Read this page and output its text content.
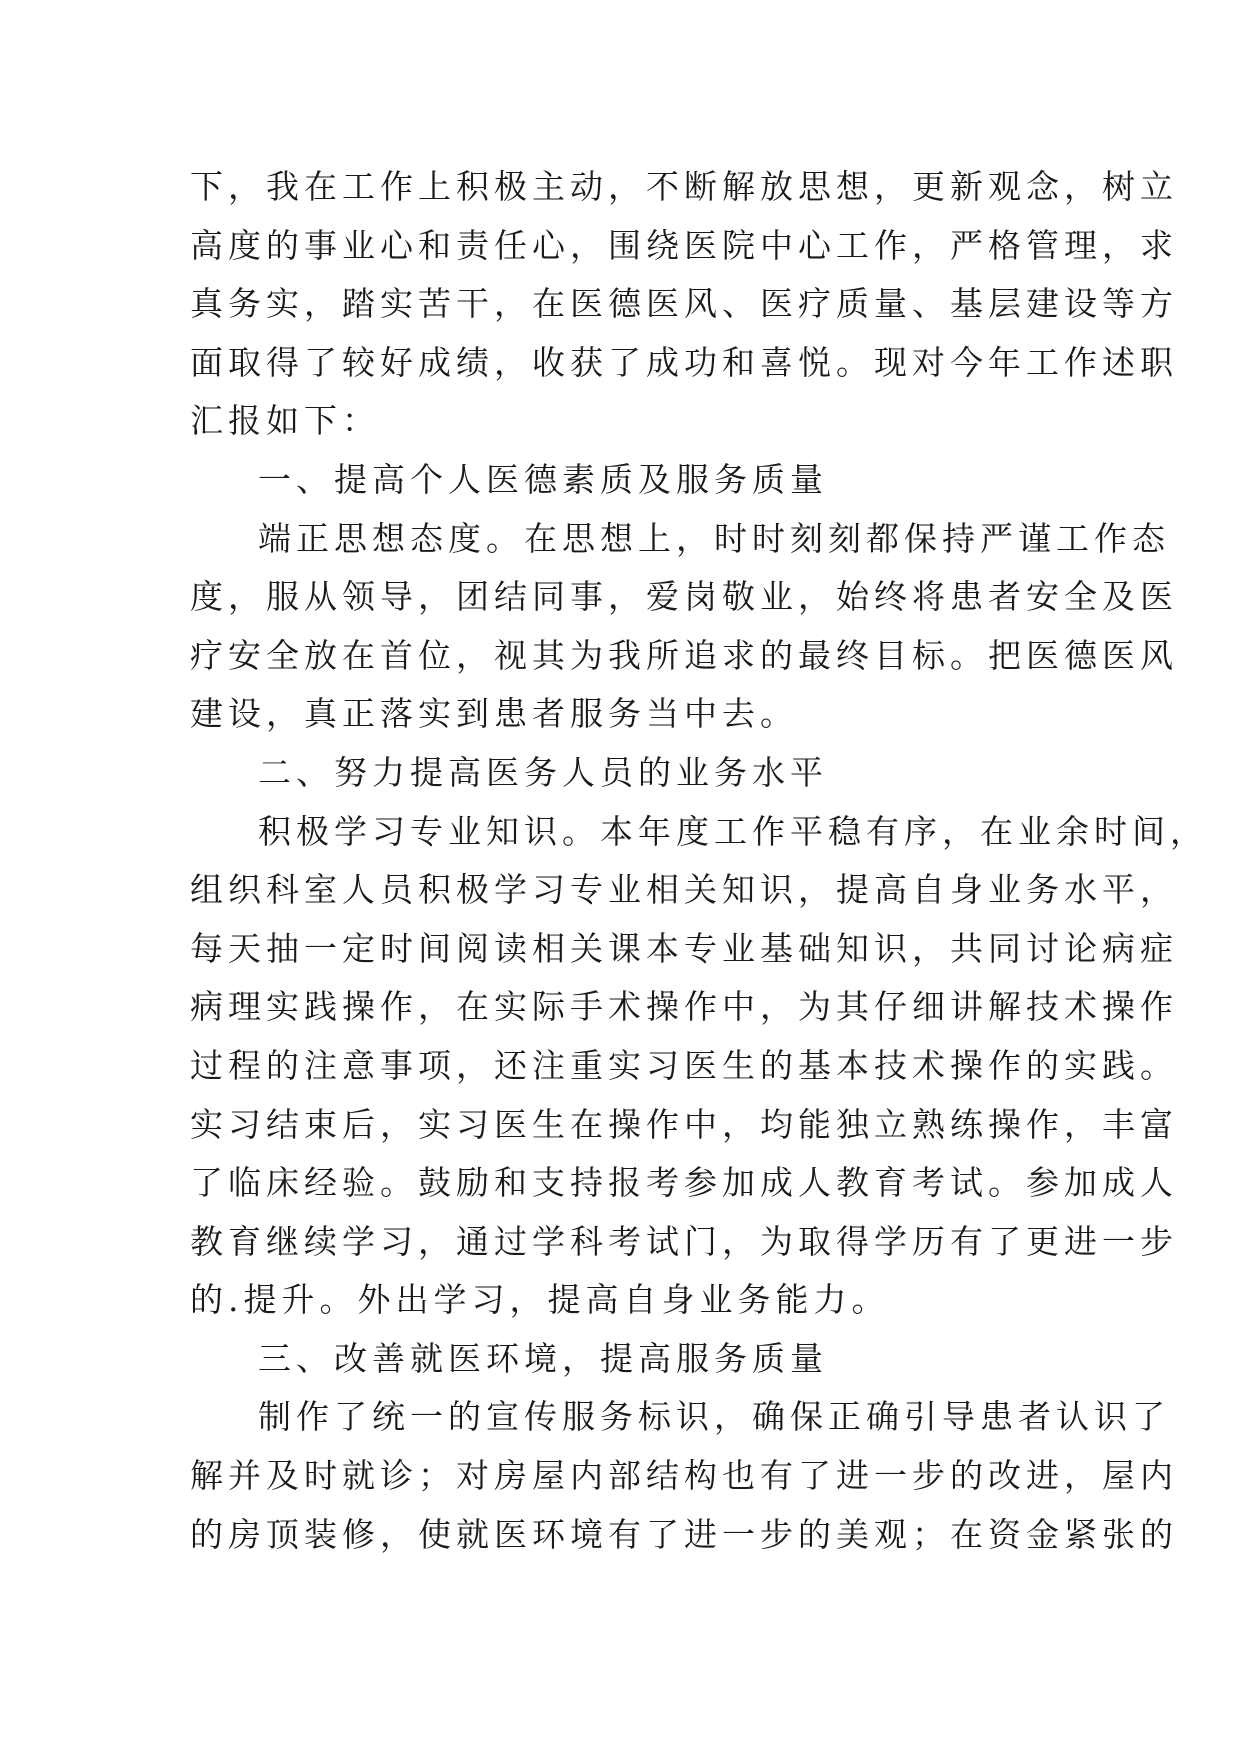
下，我在工作上积极主动，不断解放思想，更新观念，树立
高度的事业心和责任心，围绕医院中心工作，严格管理，求
真务实，踏实苦干，在医德医风、医疗质量、基层建设等方
面取得了较好成绩，收获了成功和喜悦。现对今年工作述职
汇报如下：
一、提高个人医德素质及服务质量
端正思想态度。在思想上，时时刻刻都保持严谨工作态
度，服从领导，团结同事，爱岗敬业，始终将患者安全及医
疗安全放在首位，视其为我所追求的最终目标。把医德医风
建设，真正落实到患者服务当中去。
二、努力提高医务人员的业务水平
积极学习专业知识。本年度工作平稳有序，在业余时间，
组织科室人员积极学习专业相关知识，提高自身业务水平，
每天抽一定时间阅读相关课本专业基础知识，共同讨论病症
病理实践操作，在实际手术操作中，为其仔细讲解技术操作
过程的注意事项，还注重实习医生的基本技术操作的实践。
实习结束后，实习医生在操作中，均能独立熟练操作，丰富
了临床经验。鼓励和支持报考参加成人教育考试。参加成人
教育继续学习，通过学科考试门，为取得学历有了更进一步
的.提升。外出学习，提高自身业务能力。
三、改善就医环境，提高服务质量
制作了统一的宣传服务标识，确保正确引导患者认识了
解并及时就诊；对房屋内部结构也有了进一步的改进，屋内
的房顶装修，使就医环境有了进一步的美观；在资金紧张的
